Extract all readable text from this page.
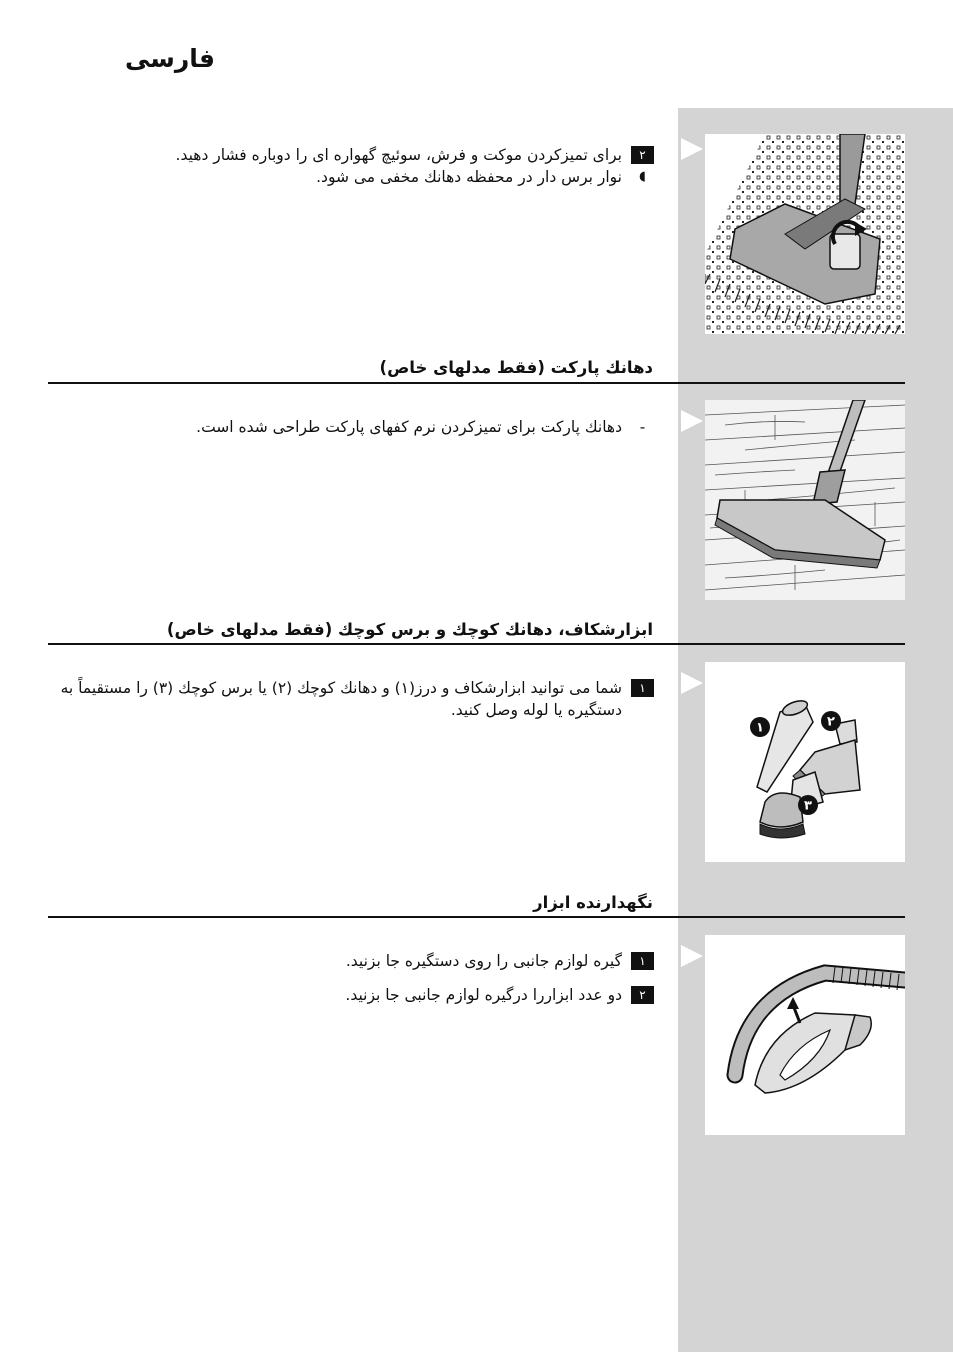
فارسی
٢
برای تمیزکردن موکت و فرش، سوئیچ گهواره ای را دوباره فشار دهید.
◖
نوار برس دار در محفظه دهانك مخفی می شود.
دهانك پارکت (فقط مدلهای خاص)
-
دهانك پارکت برای تمیزکردن نرم کفهای پارکت طراحی شده است.
ابزارشکاف، دهانك کوچك و برس کوچك (فقط مدلهای خاص)
١
شما می توانید ابزارشکاف و درز(١) و دهانك کوچك (٢) یا برس کوچك (٣) را مستقیماً به دستگیره یا لوله وصل کنید.
١	٢
٣
نگهدارنده ابزار
١
گیره لوازم جانبی را روی دستگیره جا بزنید.
٢
دو عدد ابزاررا درگیره لوازم جانبی جا بزنید.
